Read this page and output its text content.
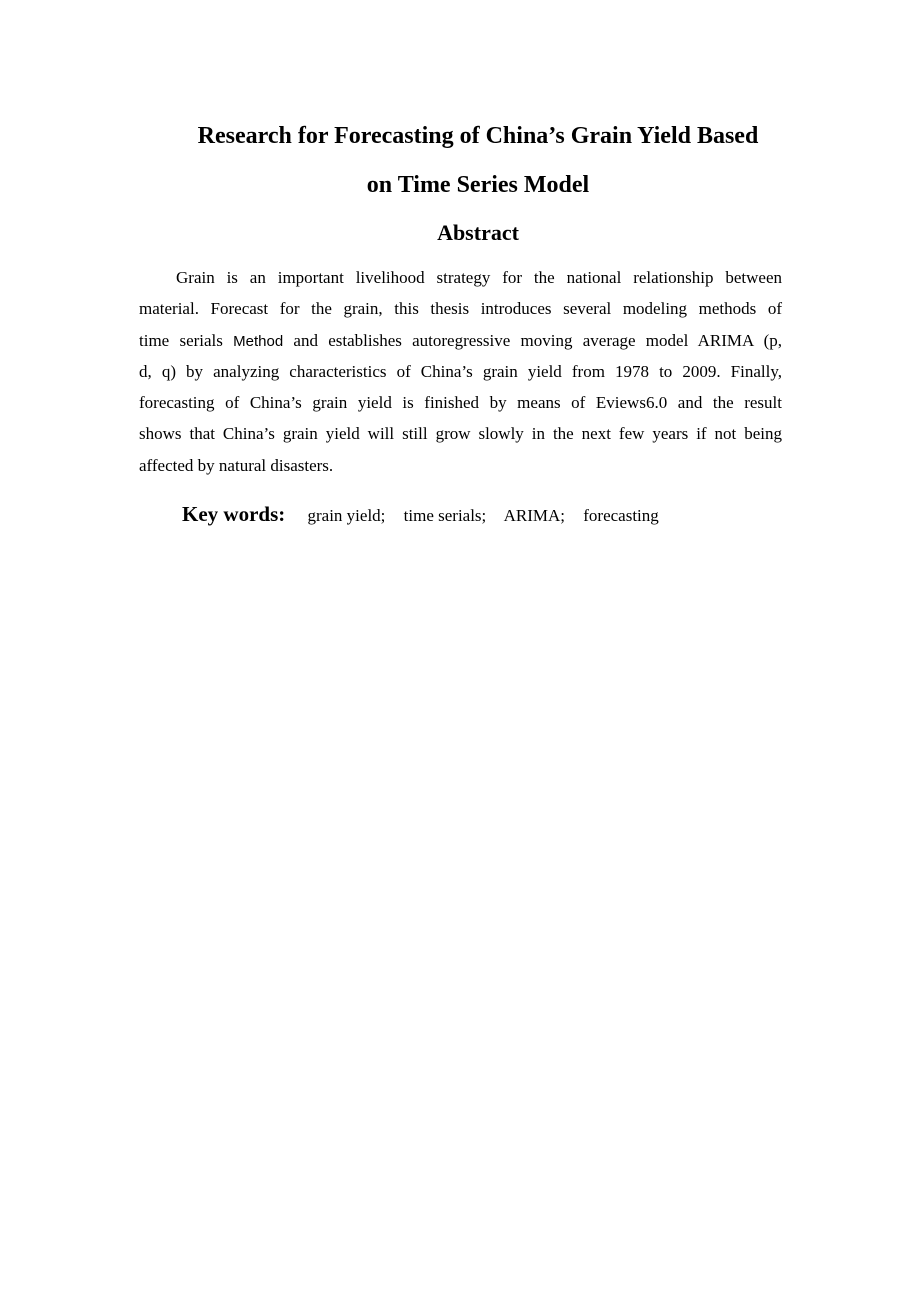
Research for Forecasting of China’s Grain Yield Based
on Time Series Model
Abstract
Grain is an important livelihood strategy for the national relationship between
material. Forecast for the grain, this thesis introduces several modeling methods of
time serials Method and establishes autoregressive moving average model ARIMA (p,
d, q) by analyzing characteristics of China’s grain yield from 1978 to 2009. Finally,
forecasting of China’s grain yield is finished by means of Eviews6.0 and the result
shows that China’s grain yield will still grow slowly in the next few years if not being
affected by natural disasters.
Key words: grain yield; time serials; ARIMA; forecasting
